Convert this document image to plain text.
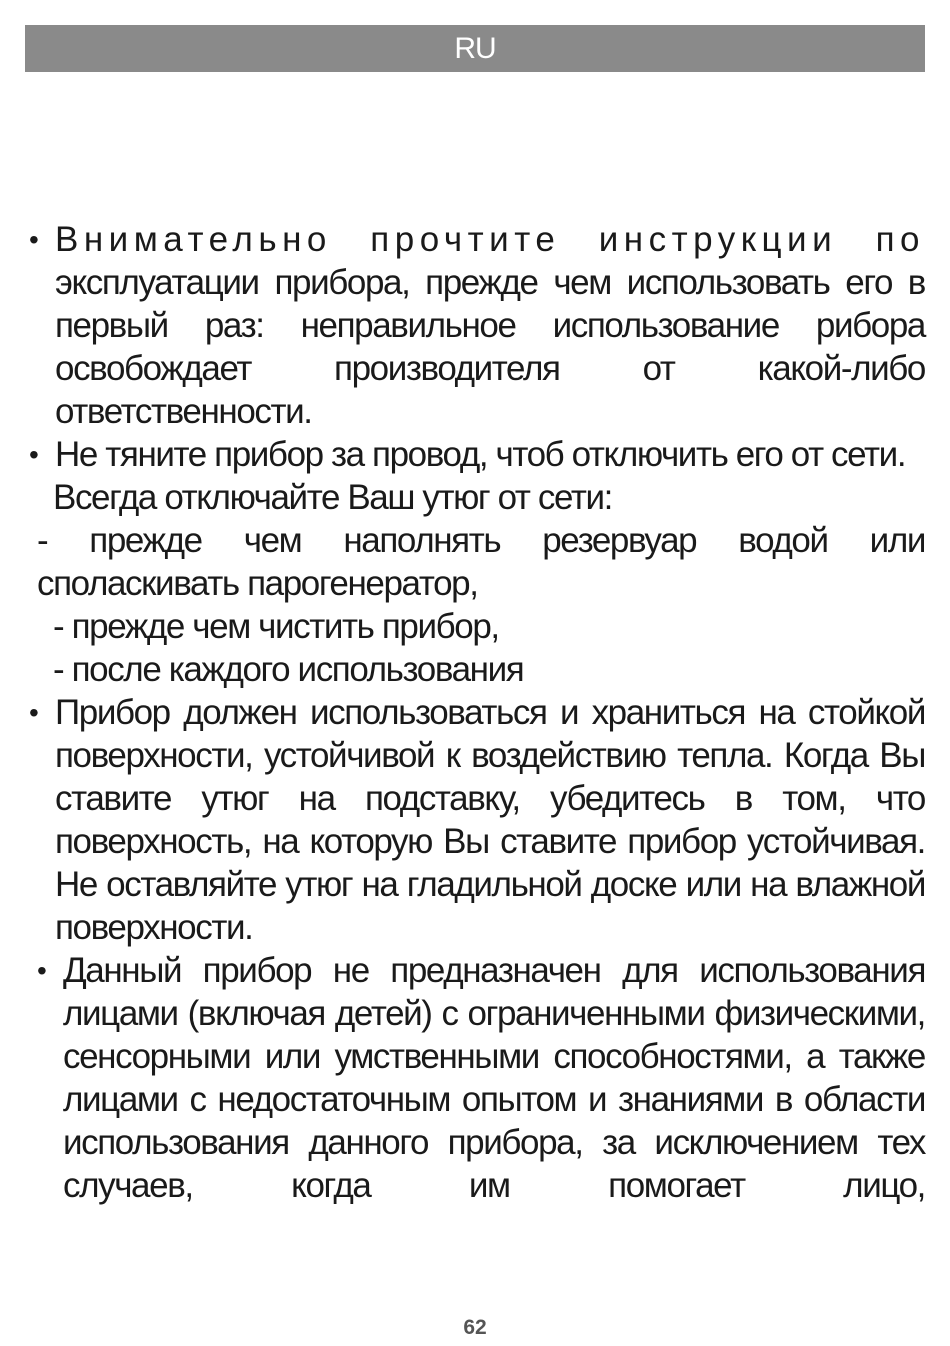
RU
• Внимательно прочтите инструкции по
эксплуатации прибора, прежде чем использовать его в первый раз: неправильное использование рибора освобождает производителя от какой-либо ответственности.
• Не тяните прибор за провод, чтоб отключить его от сети.
Всегда отключайте Ваш утюг от сети:
- прежде чем наполнять резервуар водой или споласкивать парогенератор,
- прежде чем чистить прибор,
- после каждого использования
• Прибор должен использоваться и храниться на стойкой поверхности, устойчивой к воздействию тепла. Когда Вы ставите утюг на подставку, убедитесь в том, что поверхность, на которую Вы ставите прибор устойчивая. Не оставляйте утюг на гладильной доске или на влажной поверхности.
• Данный прибор не предназначен для использования лицами (включая детей) с ограниченными физическими, сенсорными или умственными способностями, а также лицами с недостаточным опытом и знаниями в области использования данного прибора, за исключением тех случаев, когда им помогает лицо,
62
